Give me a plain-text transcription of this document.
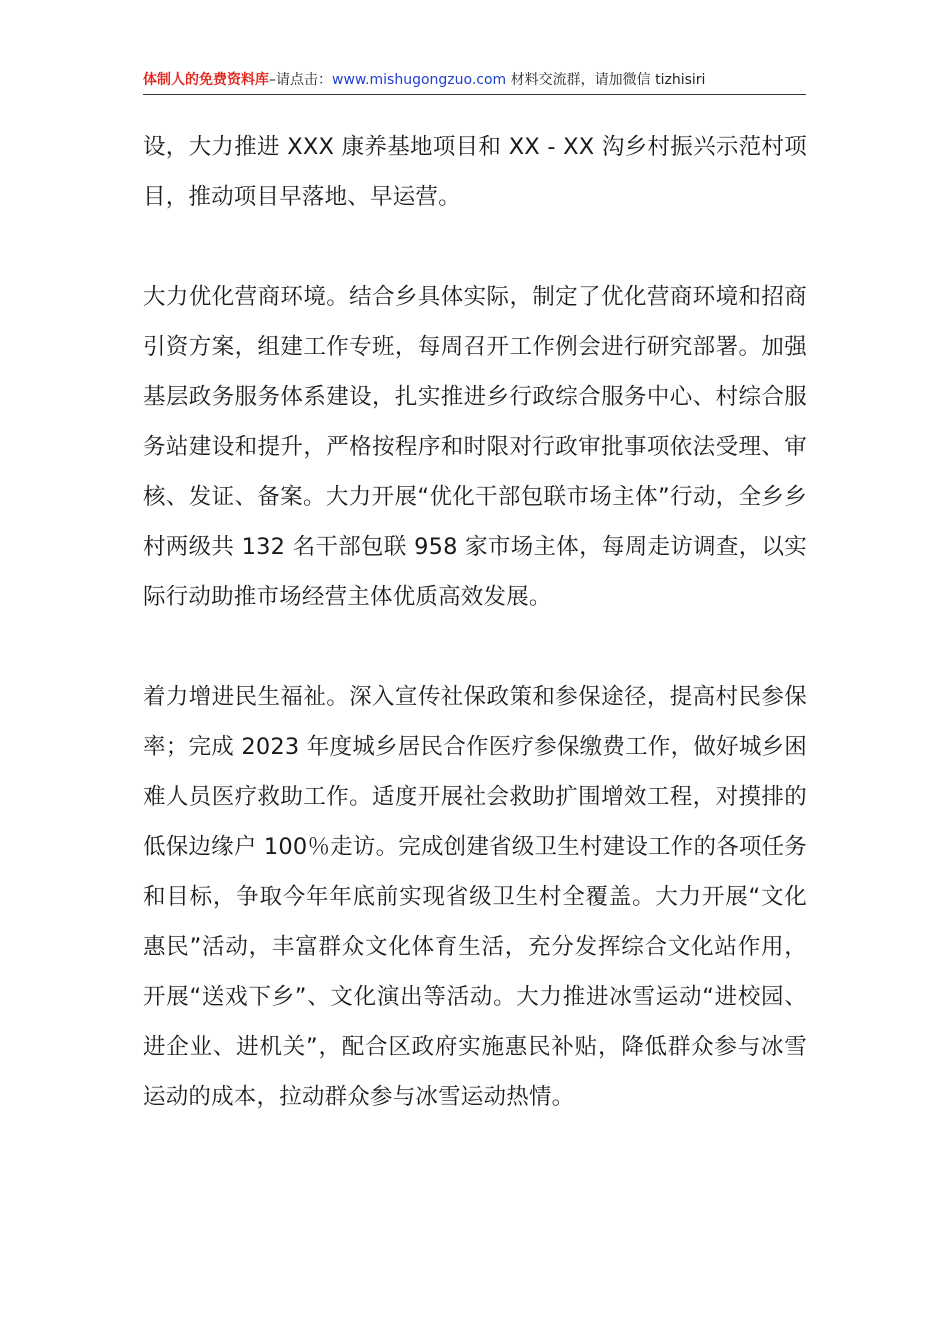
体制人的免费资料库–请点击：www.mishugongzuo.com 材料交流群，请加微信 tizhisiri

设，大力推进 XXX 康养基地项目和 XX - XX 沟乡村振兴示范村项目，推动项目早落地、早运营。

大力优化营商环境。结合乡具体实际，制定了优化营商环境和招商引资方案，组建工作专班，每周召开工作例会进行研究部署。加强基层政务服务体系建设，扎实推进乡行政综合服务中心、村综合服务站建设和提升，严格按程序和时限对行政审批事项依法受理、审核、发证、备案。大力开展“优化干部包联市场主体”行动，全乡乡村两级共 132 名干部包联 958 家市场主体，每周走访调查，以实际行动助推市场经营主体优质高效发展。

着力增进民生福祉。深入宣传社保政策和参保途径，提高村民参保率；完成 2023 年度城乡居民合作医疗参保缴费工作，做好城乡困难人员医疗救助工作。适度开展社会救助扩围增效工程，对摸排的低保边缘户 100％走访。完成创建省级卫生村建设工作的各项任务和目标，争取今年年底前实现省级卫生村全覆盖。大力开展“文化惠民”活动，丰富群众文化体育生活，充分发挥综合文化站作用，开展“送戏下乡”、文化演出等活动。大力推进冰雪运动“进校园、进企业、进机关”，配合区政府实施惠民补贴，降低群众参与冰雪运动的成本，拉动群众参与冰雪运动热情。
